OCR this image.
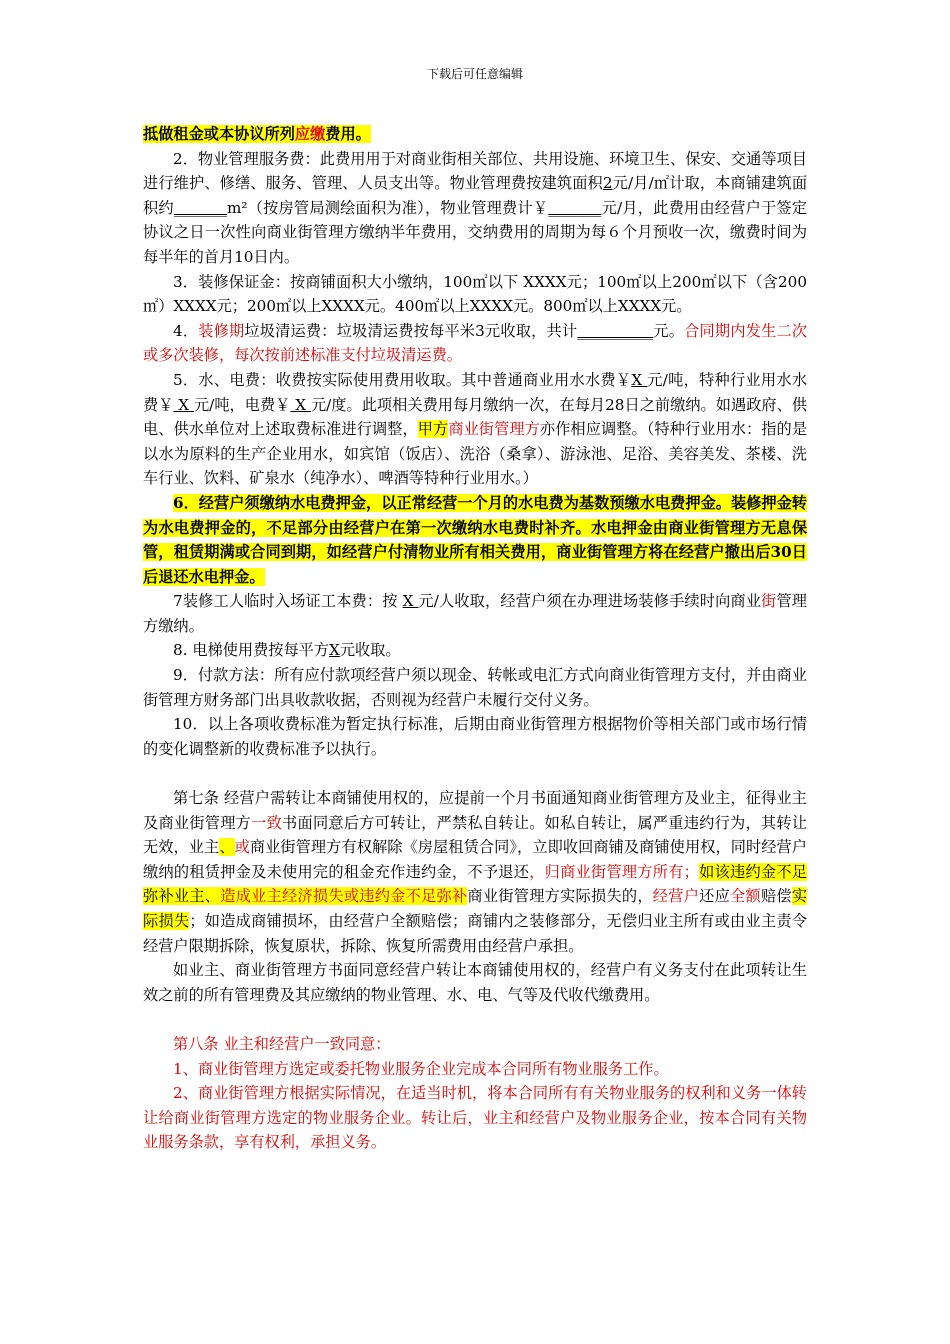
下载后可任意编辑

抵做租金或本协议所列应缴费用。

2．物业管理服务费：此费用用于对商业街相关部位、共用设施、环境卫生、保安、交通等项目进行维护、修缮、服务、管理、人员支出等。物业管理费按建筑面积2元/月/㎡计取，本商铺建筑面积约_______m²（按房管局测绘面积为准），物业管理费计￥_______元/月，此费用由经营户于签定协议之日一次性向商业街管理方缴纳半年费用，交纳费用的周期为每６个月预收一次，缴费时间为每半年的首月10日内。

3．装修保证金：按商铺面积大小缴纳，100㎡以下 XXXX元；100㎡以上200㎡以下（含200㎡）XXXX元；200㎡以上XXXX元。400㎡以上XXXX元。800㎡以上XXXX元。

4．装修期垃圾清运费：垃圾清运费按每平米3元收取，共计__________元。合同期内发生二次或多次装修，每次按前述标准支付垃圾清运费。

5．水、电费：收费按实际使用费用收取。其中普通商业用水水费￥X 元/吨，特种行业用水水费￥ X 元/吨，电费￥ X 元/度。此项相关费用每月缴纳一次，在每月28日之前缴纳。如遇政府、供电、供水单位对上述取费标准进行调整，甲方商业街管理方亦作相应调整。（特种行业用水：指的是以水为原料的生产企业用水，如宾馆（饭店）、洗浴（桑拿）、游泳池、足浴、美容美发、茶楼、洗车行业、饮料、矿泉水（纯净水）、啤酒等特种行业用水。）

6．经营户须缴纳水电费押金，以正常经营一个月的水电费为基数预缴水电费押金。装修押金转为水电费押金的，不足部分由经营户在第一次缴纳水电费时补齐。水电押金由商业街管理方无息保管，租赁期满或合同到期，如经营户付清物业所有相关费用，商业街管理方将在经营户撤出后30日后退还水电押金。

7装修工人临时入场证工本费：按 X 元/人收取，经营户须在办理进场装修手续时向商业街管理方缴纳。

8. 电梯使用费按每平方X元收取。

9．付款方法：所有应付款项经营户须以现金、转帐或电汇方式向商业街管理方支付，并由商业街管理方财务部门出具收款收据，否则视为经营户未履行交付义务。

10．以上各项收费标准为暂定执行标准，后期由商业街管理方根据物价等相关部门或市场行情的变化调整新的收费标准予以执行。

第七条 经营户需转让本商铺使用权的，应提前一个月书面通知商业街管理方及业主，征得业主及商业街管理方一致书面同意后方可转让，严禁私自转让。如私自转让，属严重违约行为，其转让无效，业主、或商业街管理方有权解除《房屋租赁合同》，立即收回商铺及商铺使用权，同时经营户缴纳的租赁押金及未使用完的租金充作违约金，不予退还，归商业街管理方所有；如该违约金不足弥补业主、造成业主经济损失或违约金不足弥补商业街管理方实际损失的，经营户还应全额赔偿实际损失；如造成商铺损坏，由经营户全额赔偿；商铺内之装修部分，无偿归业主所有或由业主责令经营户限期拆除，恢复原状，拆除、恢复所需费用由经营户承担。

如业主、商业街管理方书面同意经营户转让本商铺使用权的，经营户有义务支付在此项转让生效之前的所有管理费及其应缴纳的物业管理、水、电、气等及代收代缴费用。

第八条 业主和经营户一致同意：

1、商业街管理方选定或委托物业服务企业完成本合同所有物业服务工作。

2、商业街管理方根据实际情况，在适当时机，将本合同所有有关物业服务的权利和义务一体转让给商业街管理方选定的物业服务企业。转让后，业主和经营户及物业服务企业，按本合同有关物业服务条款，享有权利，承担义务。
